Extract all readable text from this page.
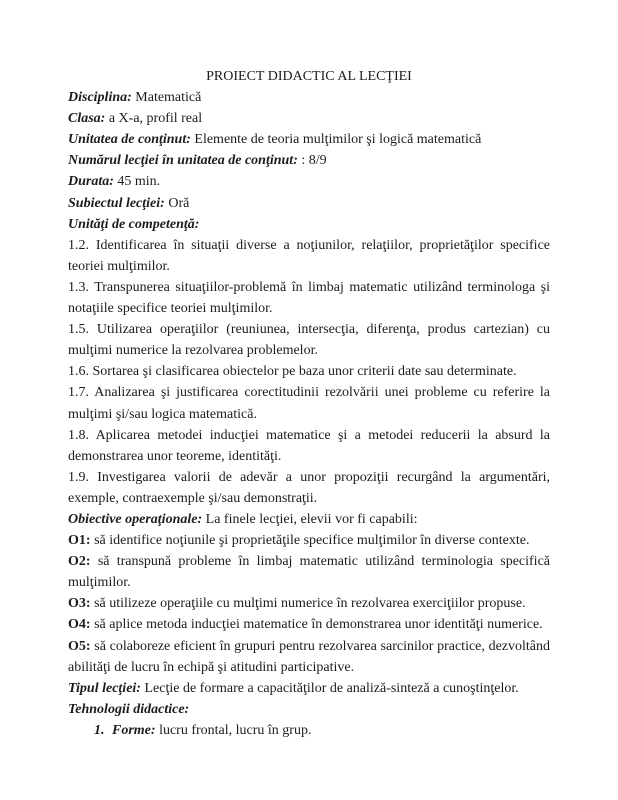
PROIECT DIDACTIC AL LECŢIEI

Disciplina: Matematică

Clasa: a X-a, profil real

Unitatea de conţinut: Elemente de teoria mulţimilor şi logică matematică

Numărul lecţiei în unitatea de conţinut: : 8/9

Durata: 45 min.

Subiectul lecţiei: Oră

Unităţi de competenţă:

1.2. Identificarea în situaţii diverse a noţiunilor, relaţiilor, proprietăţilor specifice teoriei mulţimilor.

1.3. Transpunerea situaţiilor-problemă în limbaj matematic utilizând terminologa şi notaţiile specifice teoriei mulţimilor.

1.5. Utilizarea operaţiilor (reuniunea, intersecţia, diferenţa, produs cartezian) cu mulţimi numerice la rezolvarea problemelor.

1.6. Sortarea şi clasificarea obiectelor pe baza unor criterii date sau determinate.

1.7. Analizarea şi justificarea corectitudinii rezolvării unei probleme cu referire la mulţimi şi/sau logica matematică.

1.8. Aplicarea metodei inducţiei matematice şi a metodei reducerii la absurd la demonstrarea unor teoreme, identităţi.

1.9. Investigarea valorii de adevăr a unor propoziţii recurgând la argumentări, exemple, contraexemple şi/sau demonstraţii.

Obiective operaţionale: La finele lecţiei, elevii vor fi capabili:

O1: să identifice noţiunile şi proprietăţile specifice mulţimilor în diverse contexte.

O2: să transpună probleme în limbaj matematic utilizând terminologia specifică mulţimilor.

O3: să utilizeze operaţiile cu mulţimi numerice în rezolvarea exerciţiilor propuse.

O4: să aplice metoda inducţiei matematice în demonstrarea unor identităţi numerice.

O5: să colaboreze eficient în grupuri pentru rezolvarea sarcinilor practice, dezvoltând abilităţi de lucru în echipă şi atitudini participative.

Tipul lecţiei: Lecţie de formare a capacităţilor de analiză-sinteză a cunoştinţelor.

Tehnologii didactice:

1. Forme: lucru frontal, lucru în grup.
